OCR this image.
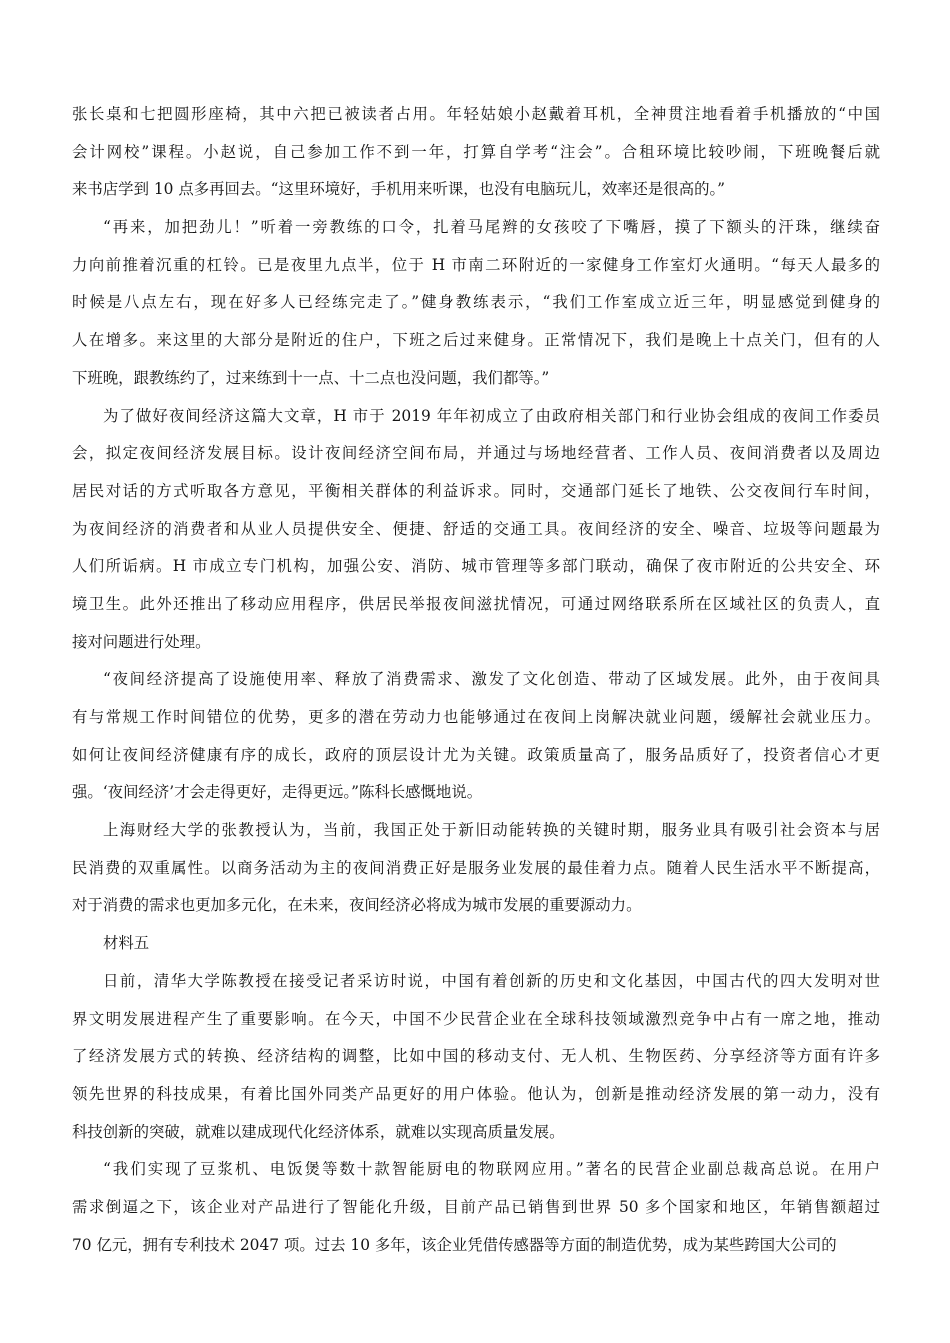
张长桌和七把圆形座椅，其中六把已被读者占用。年轻姑娘小赵戴着耳机，全神贯注地看着手机播放的“中国
会计网校”课程。小赵说，自己参加工作不到一年，打算自学考“注会”。合租环境比较吵闹，下班晚餐后就
来书店学到 10 点多再回去。“这里环境好，手机用来听课，也没有电脑玩儿，效率还是很高的。”
“再来，加把劲儿！”听着一旁教练的口令，扎着马尾辫的女孩咬了下嘴唇，摸了下额头的汗珠，继续奋
力向前推着沉重的杠铃。已是夜里九点半，位于 H 市南二环附近的一家健身工作室灯火通明。“每天人最多的
时候是八点左右，现在好多人已经练完走了。”健身教练表示，“我们工作室成立近三年，明显感觉到健身的
人在增多。来这里的大部分是附近的住户，下班之后过来健身。正常情况下，我们是晚上十点关门，但有的人
下班晚，跟教练约了，过来练到十一点、十二点也没问题，我们都等。”
为了做好夜间经济这篇大文章，H 市于 2019 年年初成立了由政府相关部门和行业协会组成的夜间工作委员
会，拟定夜间经济发展目标。设计夜间经济空间布局，并通过与场地经营者、工作人员、夜间消费者以及周边
居民对话的方式听取各方意见，平衡相关群体的利益诉求。同时，交通部门延长了地铁、公交夜间行车时间，
为夜间经济的消费者和从业人员提供安全、便捷、舒适的交通工具。夜间经济的安全、噪音、垃圾等问题最为
人们所诟病。H 市成立专门机构，加强公安、消防、城市管理等多部门联动，确保了夜市附近的公共安全、环
境卫生。此外还推出了移动应用程序，供居民举报夜间滋扰情况，可通过网络联系所在区域社区的负责人，直
接对问题进行处理。
“夜间经济提高了设施使用率、释放了消费需求、激发了文化创造、带动了区域发展。此外，由于夜间具
有与常规工作时间错位的优势，更多的潜在劳动力也能够通过在夜间上岗解决就业问题，缓解社会就业压力。
如何让夜间经济健康有序的成长，政府的顶层设计尤为关键。政策质量高了，服务品质好了，投资者信心才更
强。‘夜间经济’才会走得更好，走得更远。”陈科长感慨地说。
上海财经大学的张教授认为，当前，我国正处于新旧动能转换的关键时期，服务业具有吸引社会资本与居
民消费的双重属性。以商务活动为主的夜间消费正好是服务业发展的最佳着力点。随着人民生活水平不断提高，
对于消费的需求也更加多元化，在未来，夜间经济必将成为城市发展的重要源动力。
材料五
日前，清华大学陈教授在接受记者采访时说，中国有着创新的历史和文化基因，中国古代的四大发明对世
界文明发展进程产生了重要影响。在今天，中国不少民营企业在全球科技领域激烈竞争中占有一席之地，推动
了经济发展方式的转换、经济结构的调整，比如中国的移动支付、无人机、生物医药、分享经济等方面有许多
领先世界的科技成果，有着比国外同类产品更好的用户体验。他认为，创新是推动经济发展的第一动力，没有
科技创新的突破，就难以建成现代化经济体系，就难以实现高质量发展。
“我们实现了豆浆机、电饭煲等数十款智能厨电的物联网应用。”著名的民营企业副总裁高总说。在用户
需求倒逼之下，该企业对产品进行了智能化升级，目前产品已销售到世界 50 多个国家和地区，年销售额超过
70 亿元，拥有专利技术 2047 项。过去 10 多年，该企业凭借传感器等方面的制造优势，成为某些跨国大公司的
